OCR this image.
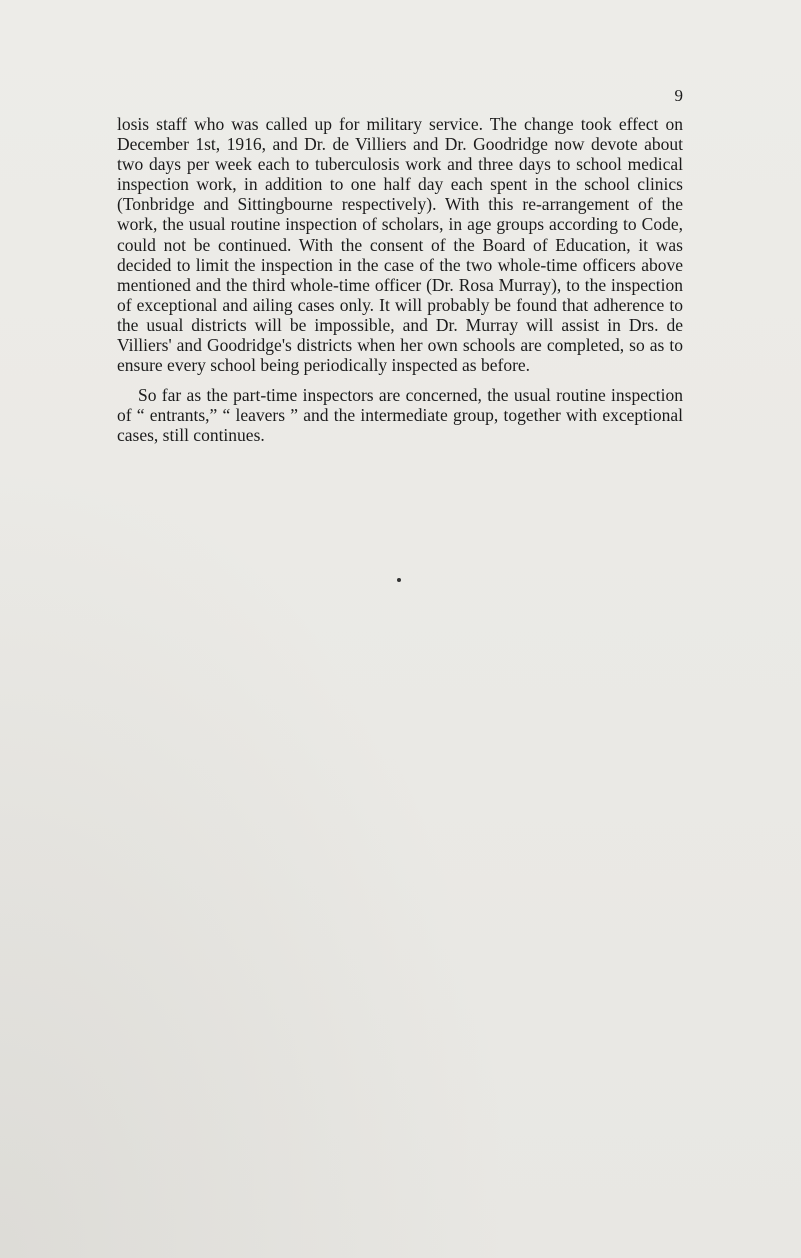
9

losis staff who was called up for military service. The change took effect on December 1st, 1916, and Dr. de Villiers and Dr. Goodridge now devote about two days per week each to tuberculosis work and three days to school medical inspection work, in addition to one half day each spent in the school clinics (Tonbridge and Sittingbourne respectively). With this re-arrangement of the work, the usual routine inspection of scholars, in age groups according to Code, could not be continued. With the consent of the Board of Education, it was decided to limit the inspection in the case of the two whole-time officers above mentioned and the third whole-time officer (Dr. Rosa Murray), to the inspection of exceptional and ailing cases only. It will probably be found that adherence to the usual districts will be impossible, and Dr. Murray will assist in Drs. de Villiers' and Goodridge's districts when her own schools are completed, so as to ensure every school being periodically inspected as before.

So far as the part-time inspectors are concerned, the usual routine inspection of “ entrants,” “ leavers ” and the intermediate group, together with exceptional cases, still continues.
